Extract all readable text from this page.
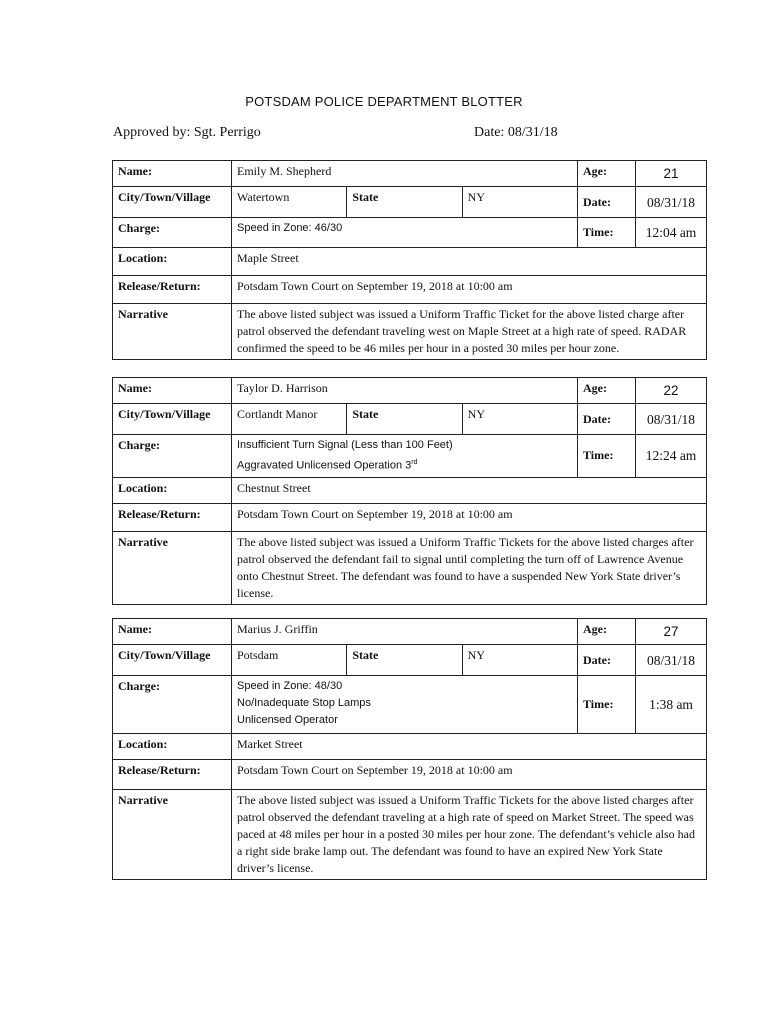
POTSDAM POLICE DEPARTMENT BLOTTER
Approved by: Sgt. Perrigo	Date: 08/31/18
Name:	Emily M. Shepherd			Age:	21
City/Town/Village	Watertown	State	NY	Date:	08/31/18
Charge:	Speed in Zone: 46/30			Time:	12:04 am
Location:	Maple Street				
Release/Return:	Potsdam Town Court on September 19, 2018 at 10:00 am				
Narrative	The above listed subject was issued a Uniform Traffic Ticket for the above listed charge after patrol observed the defendant traveling west on Maple Street at a high rate of speed. RADAR confirmed the speed to be 46 miles per hour in a posted 30 miles per hour zone.				
Name:	Taylor D. Harrison			Age:	22
City/Town/Village	Cortlandt Manor	State	NY	Date:	08/31/18
Charge:	Insufficient Turn Signal (Less than 100 Feet)
Aggravated Unlicensed Operation 3rd			Time:	12:24 am
Location:	Chestnut Street				
Release/Return:	Potsdam Town Court on September 19, 2018 at 10:00 am				
Narrative	The above listed subject was issued a Uniform Traffic Tickets for the above listed charges after patrol observed the defendant fail to signal until completing the turn off of Lawrence Avenue onto Chestnut Street. The defendant was found to have a suspended New York State driver’s license.				
Name:	Marius J. Griffin			Age:	27
City/Town/Village	Potsdam	State	NY	Date:	08/31/18
Charge:	Speed in Zone: 48/30
No/Inadequate Stop Lamps
Unlicensed Operator			Time:	1:38 am
Location:	Market Street				
Release/Return:	Potsdam Town Court on September 19, 2018 at 10:00 am				
Narrative	The above listed subject was issued a Uniform Traffic Tickets for the above listed charges after patrol observed the defendant traveling at a high rate of speed on Market Street. The speed was paced at 48 miles per hour in a posted 30 miles per hour zone. The defendant’s vehicle also had a right side brake lamp out. The defendant was found to have an expired New York State driver’s license.				
